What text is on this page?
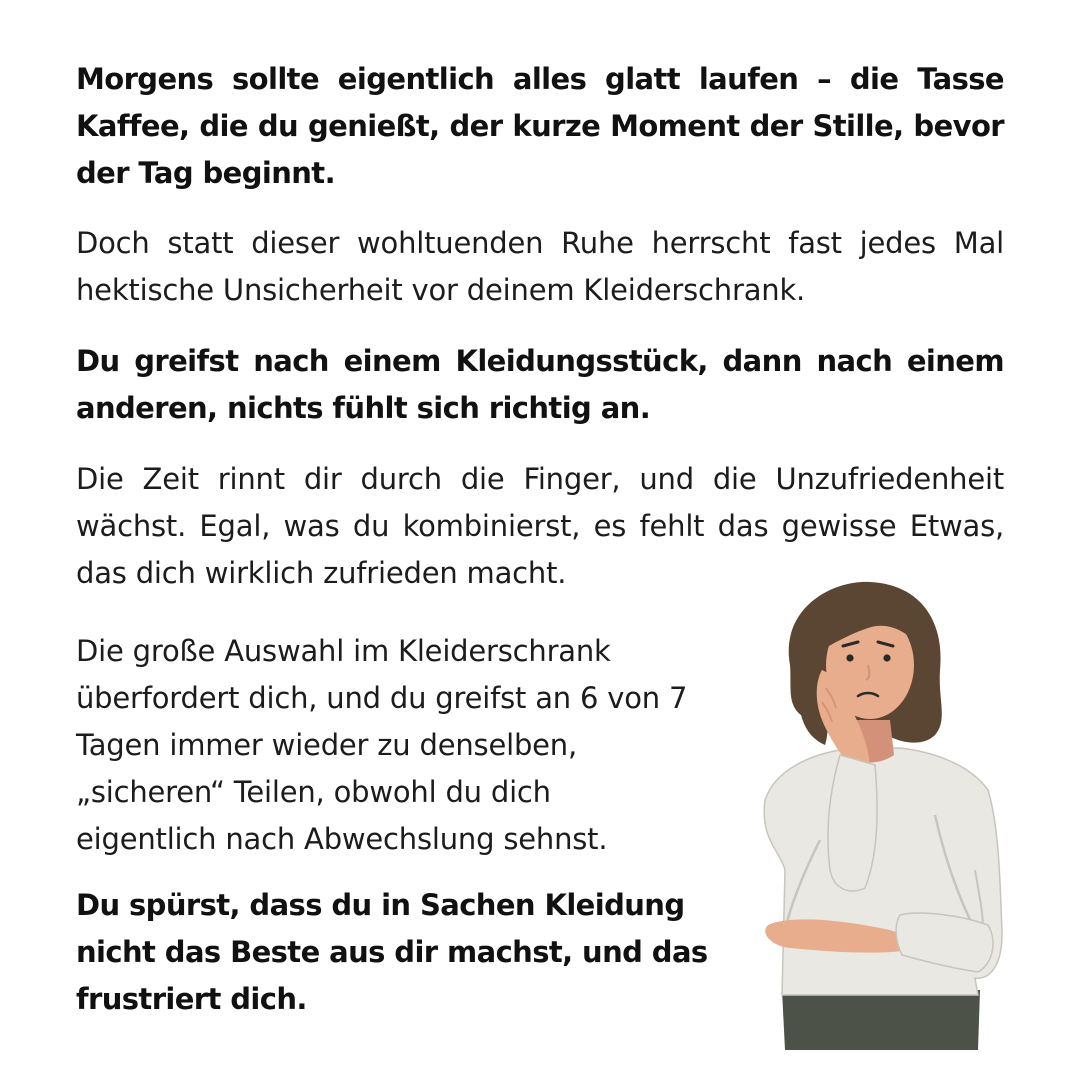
Morgens sollte eigentlich alles glatt laufen – die Tasse Kaffee, die du genießt, der kurze Moment der Stille, bevor der Tag beginnt.

Doch statt dieser wohltuenden Ruhe herrscht fast jedes Mal hektische Unsicherheit vor deinem Kleiderschrank.

Du greifst nach einem Kleidungsstück, dann nach einem anderen, nichts fühlt sich richtig an.

Die Zeit rinnt dir durch die Finger, und die Unzufriedenheit wächst. Egal, was du kombinierst, es fehlt das gewisse Etwas, das dich wirklich zufrieden macht.

Die große Auswahl im Kleiderschrank
überfordert dich, und du greifst an 6 von 7
Tagen immer wieder zu denselben,
„sicheren“ Teilen, obwohl du dich
eigentlich nach Abwechslung sehnst.

Du spürst, dass du in Sachen Kleidung
nicht das Beste aus dir machst, und das
frustriert dich.
